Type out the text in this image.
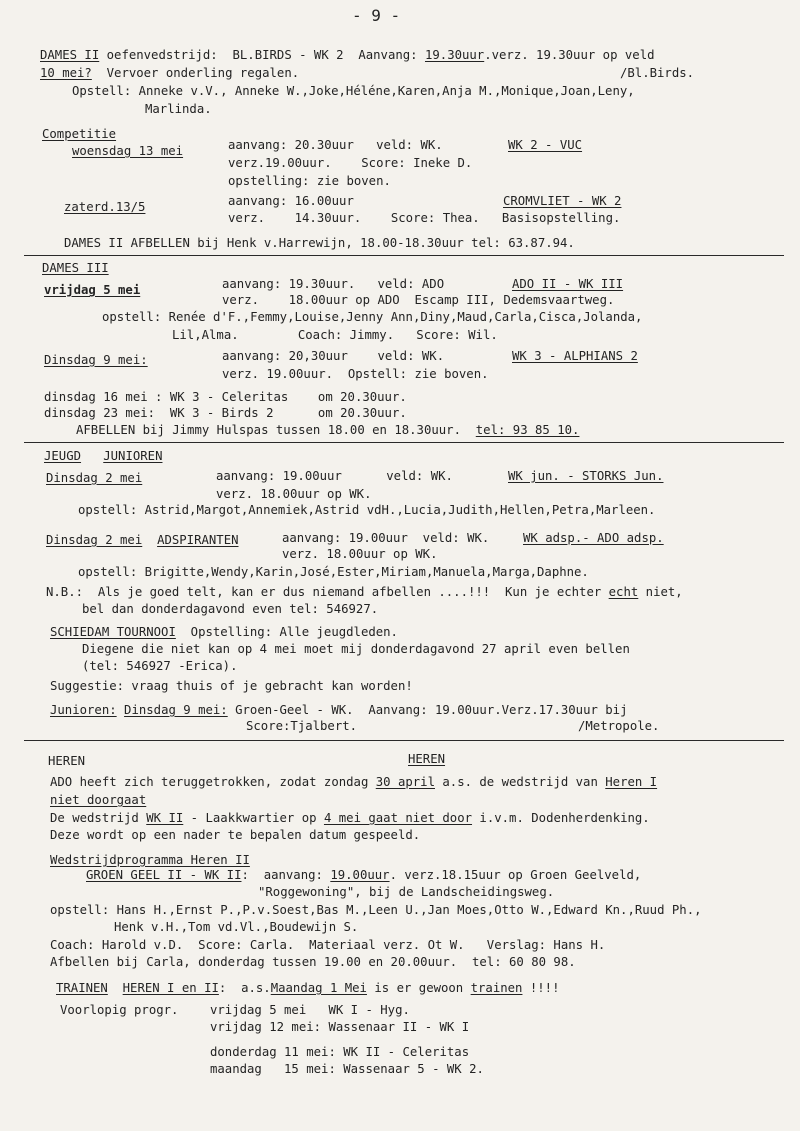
- 9 -
DAMES II oefenvedstrijd:  BL.BIRDS - WK 2  Aanvang: 19.30uur.verz. 19.30uur op veld
10 mei?  Vervoer onderling regalen.	/Bl.Birds.
Opstell: Anneke v.V., Anneke W.,Joke,Héléne,Karen,Anja M.,Monique,Joan,Leny,
Marlinda.
Competitie
woensdag 13 mei	aanvang: 20.30uur   veld: WK.	WK 2 - VUC
verz.19.00uur.    Score: Ineke D.
opstelling: zie boven.
zaterd.13/5	aanvang: 16.00uur	CROMVLIET - WK 2
verz.    14.30uur.    Score: Thea.   Basisopstelling.
DAMES II AFBELLEN bij Henk v.Harrewijn, 18.00-18.30uur tel: 63.87.94.
DAMES III
vrijdag 5 mei	aanvang: 19.30uur.   veld: ADO	ADO II - WK III
verz.    18.00uur op ADO  Escamp III, Dedemsvaartweg.
opstell: Renée d'F.,Femmy,Louise,Jenny Ann,Diny,Maud,Carla,Cisca,Jolanda,
Lil,Alma.        Coach: Jimmy.   Score: Wil.
Dinsdag 9 mei:	aanvang: 20,30uur    veld: WK.	WK 3 - ALPHIANS 2
verz. 19.00uur.  Opstell: zie boven.
dinsdag 16 mei : WK 3 - Celeritas    om 20.30uur.
dinsdag 23 mei:  WK 3 - Birds 2      om 20.30uur.
AFBELLEN bij Jimmy Hulspas tussen 18.00 en 18.30uur.  tel: 93 85 10.
JEUGD JUNIOREN
Dinsdag 2 mei	aanvang: 19.00uur      veld: WK.	WK jun. - STORKS Jun.
verz. 18.00uur op WK.
opstell: Astrid,Margot,Annemiek,Astrid vdH.,Lucia,Judith,Hellen,Petra,Marleen.
Dinsdag 2 mei ADSPIRANTEN	aanvang: 19.00uur  veld: WK.	WK adsp.- ADO adsp.
verz. 18.00uur op WK.
opstell: Brigitte,Wendy,Karin,José,Ester,Miriam,Manuela,Marga,Daphne.
N.B.:  Als je goed telt, kan er dus niemand afbellen ....!!!  Kun je echter echt niet,
bel dan donderdagavond even tel: 546927.
SCHIEDAM TOURNOOI  Opstelling: Alle jeugdleden.
Diegene die niet kan op 4 mei moet mij donderdagavond 27 april even bellen
(tel: 546927 -Erica).
Suggestie: vraag thuis of je gebracht kan worden!
Junioren: Dinsdag 9 mei: Groen-Geel - WK.  Aanvang: 19.00uur.Verz.17.30uur bij
Score:Tjalbert.	/Metropole.
HEREN	HEREN
ADO heeft zich teruggetrokken, zodat zondag 30 april a.s. de wedstrijd van Heren I
niet doorgaat
De wedstrijd WK II - Laakkwartier op 4 mei gaat niet door i.v.m. Dodenherdenking.
Deze wordt op een nader te bepalen datum gespeeld.
Wedstrijdprogramma Heren II
GROEN GEEL II - WK II:  aanvang: 19.00uur. verz.18.15uur op Groen Geelveld,
"Roggewoning", bij de Landscheidingsweg.
opstell: Hans H.,Ernst P.,P.v.Soest,Bas M.,Leen U.,Jan Moes,Otto W.,Edward Kn.,Ruud Ph.,
Henk v.H.,Tom vd.Vl.,Boudewijn S.
Coach: Harold v.D.  Score: Carla.  Materiaal verz. Ot W.   Verslag: Hans H.
Afbellen bij Carla, donderdag tussen 19.00 en 20.00uur.  tel: 60 80 98.
TRAINEN HEREN I en II:  a.s.Maandag 1 Mei is er gewoon trainen !!!!
Voorlopig progr.	vrijdag 5 mei   WK I - Hyg.
vrijdag 12 mei: Wassenaar II - WK I
donderdag 11 mei: WK II - Celeritas
maandag   15 mei: Wassenaar 5 - WK 2.
